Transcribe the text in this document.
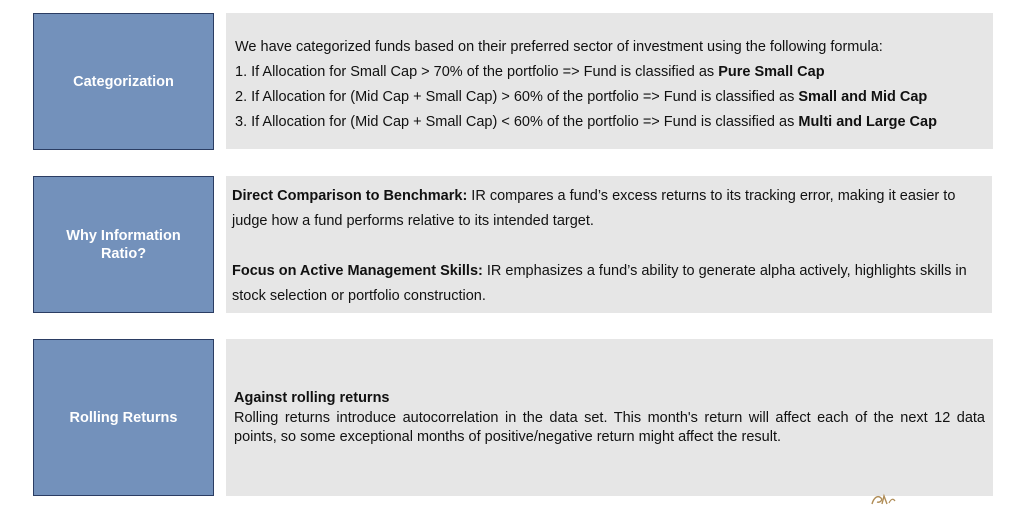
Categorization

We have categorized funds based on their preferred sector of investment using the following formula:

1. If Allocation for Small Cap > 70% of the portfolio => Fund is classified as Pure Small Cap

2. If Allocation for (Mid Cap + Small Cap) > 60% of the portfolio => Fund is classified as Small and Mid Cap

3. If Allocation for (Mid Cap + Small Cap) < 60% of the portfolio => Fund is classified as Multi and Large Cap

Why Information
Ratio?

Direct Comparison to Benchmark: IR compares a fund’s excess returns to its tracking error, making it easier to judge how a fund performs relative to its intended target.

Focus on Active Management Skills: IR emphasizes a fund’s ability to generate alpha actively, highlights skills in stock selection or portfolio construction.

Rolling Returns

Against rolling returns

Rolling returns introduce autocorrelation in the data set. This month's return will affect each of the next 12 data points, so some exceptional months of positive/negative return might affect the result.
